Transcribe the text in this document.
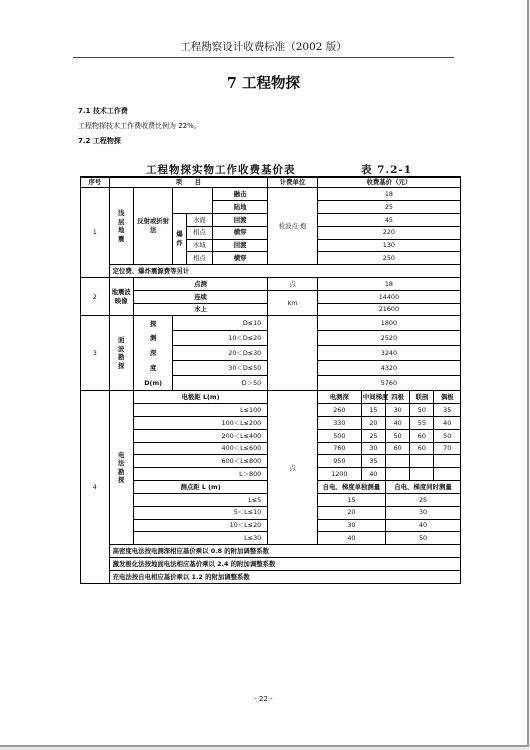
工程勘察设计收费标准（2002 版）
7 工程物探
7.1 技术工作费
工程物探技术工作费收费比例为 22%。
7.2 工程物探
工程物探实物工作收费基价表	表 7.2-1
序号	项　　目					计费单位	收费基价（元）				
1	浅层地震	反射或折射法			融击	检波点·炮	18				
					陆地		25				

			爆炸	水面	回渡		45				
				相点	横穿		220				
				水域	回渡		130				
				相点	横穿		250				
	定位费、爆炸震源费等另计										
2	地震波映像	点测				点	18				
		连续				km	14400				
		水上					21600				
3	面波勘探	探	D≤10				1800				
		测	10＜D≤20				2520				
		深	20＜D≤30				3240				
		度	30＜D≤50				4320				
		D(m)	D＞50				5760				
4	电法勘探	电极距 L(m)				点	电测深	中间梯度	四极	联剖	偶极
		L≤100					260	15	30	50	35
		100＜L≤200					330	20	40	55	40
		200＜L≤400					500	25	50	60	50
		400＜L≤600					760	30	60	60	70
		600＜L≤800					950	35			
		L＞800					1200	40			
		测点距 L (m)					自电、梯度单独测量		自电、梯度同时测量		
		L≤5					15		25		
		5＜L≤10					20		30		
		10＜L≤20					30		40		
		L≤30					40		50		
	高密度电法按电测深相应基价乘以 0.8 的附加调整系数										
	激发极化法按地面电法相应基价乘以 2.4 的附加调整系数										
	充电法按自电相应基价乘以 1.2 的附加调整系数										
- 22 -
